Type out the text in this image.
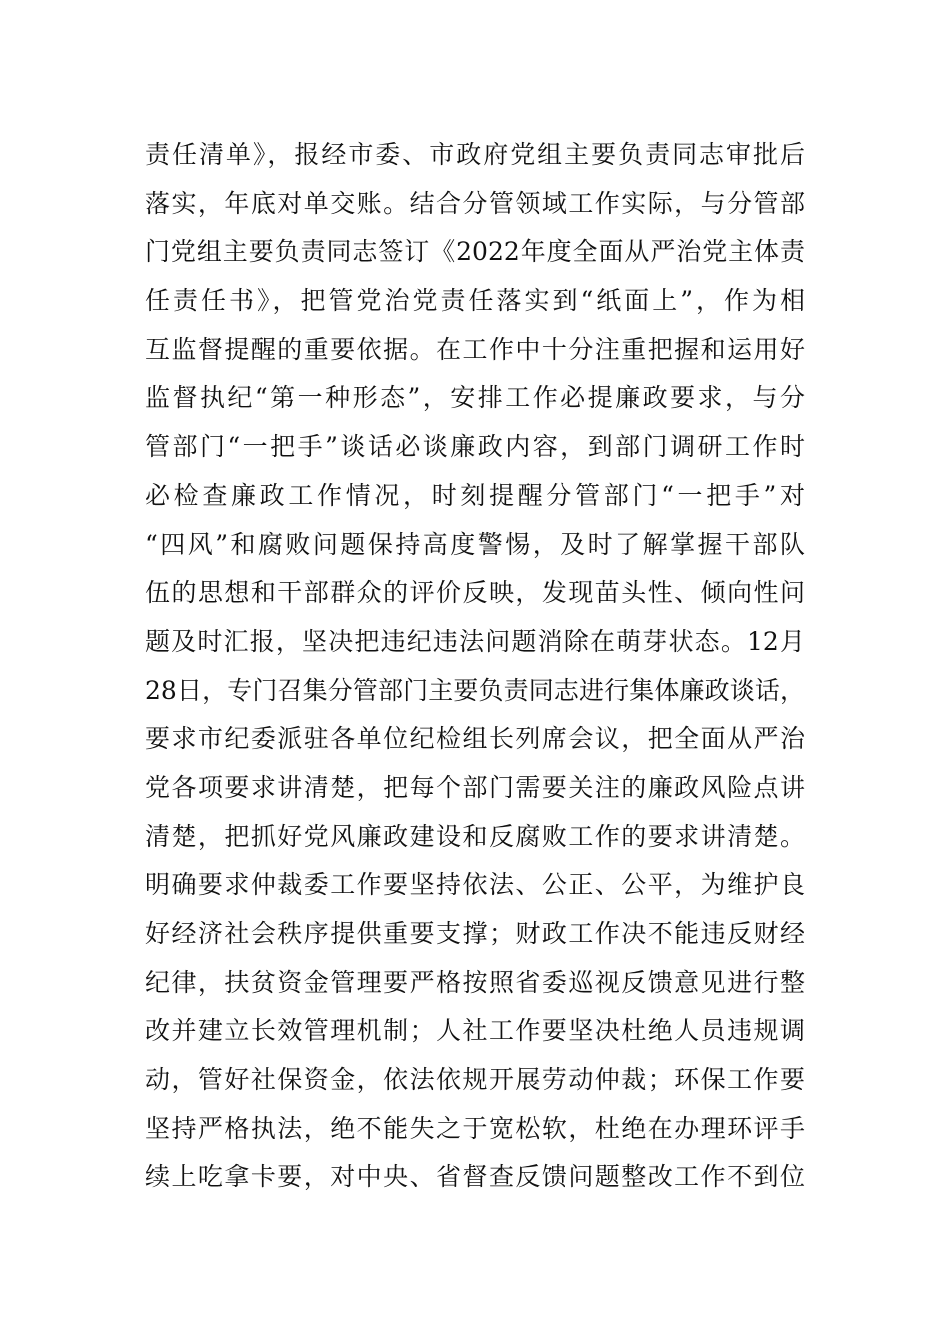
责任清单》，报经市委、市政府党组主要负责同志审批后
落实，年底对单交账。结合分管领域工作实际，与分管部
门党组主要负责同志签订《2022年度全面从严治党主体责
任责任书》，把管党治党责任落实到“纸面上”，作为相
互监督提醒的重要依据。在工作中十分注重把握和运用好
监督执纪“第一种形态”，安排工作必提廉政要求，与分
管部门“一把手”谈话必谈廉政内容，到部门调研工作时
必检查廉政工作情况，时刻提醒分管部门“一把手”对
“四风”和腐败问题保持高度警惕，及时了解掌握干部队
伍的思想和干部群众的评价反映，发现苗头性、倾向性问
题及时汇报，坚决把违纪违法问题消除在萌芽状态。12月
28日，专门召集分管部门主要负责同志进行集体廉政谈话，
要求市纪委派驻各单位纪检组长列席会议，把全面从严治
党各项要求讲清楚，把每个部门需要关注的廉政风险点讲
清楚，把抓好党风廉政建设和反腐败工作的要求讲清楚。
明确要求仲裁委工作要坚持依法、公正、公平，为维护良
好经济社会秩序提供重要支撑；财政工作决不能违反财经
纪律，扶贫资金管理要严格按照省委巡视反馈意见进行整
改并建立长效管理机制；人社工作要坚决杜绝人员违规调
动，管好社保资金，依法依规开展劳动仲裁；环保工作要
坚持严格执法，绝不能失之于宽松软，杜绝在办理环评手
续上吃拿卡要，对中央、省督查反馈问题整改工作不到位
